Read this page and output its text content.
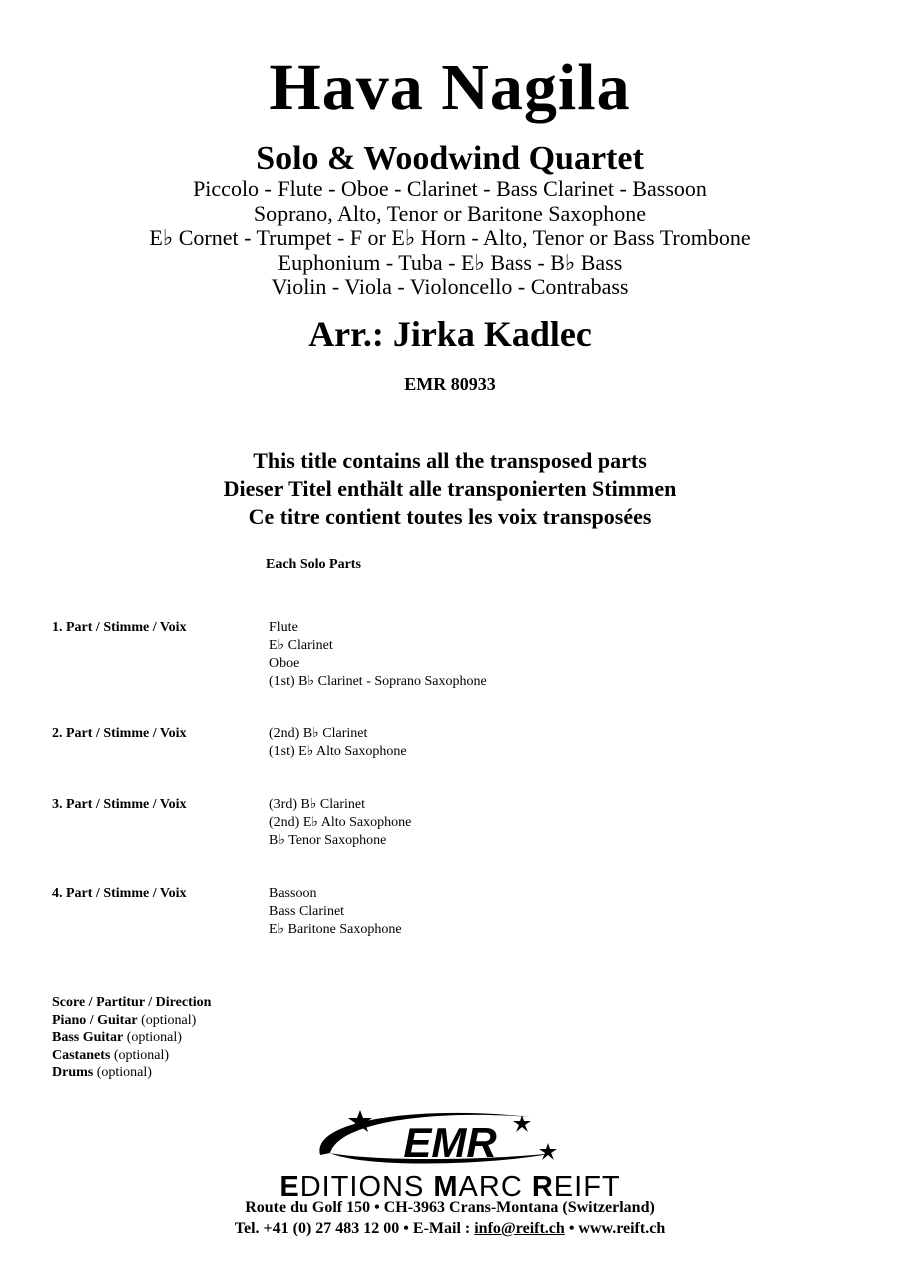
Hava Nagila
Solo & Woodwind Quartet
Piccolo - Flute - Oboe - Clarinet - Bass Clarinet - Bassoon
Soprano, Alto, Tenor or Baritone Saxophone
E♭ Cornet - Trumpet - F or E♭ Horn - Alto, Tenor or Bass Trombone
Euphonium - Tuba - E♭ Bass - B♭ Bass
Violin - Viola - Violoncello - Contrabass
Arr.: Jirka Kadlec
EMR 80933
This title contains all the transposed parts
Dieser Titel enthält alle transponierten Stimmen
Ce titre contient toutes les voix transposées
Each Solo Parts
1. Part / Stimme / Voix	Flute
E♭ Clarinet
Oboe
(1st) B♭ Clarinet - Soprano Saxophone
2. Part / Stimme / Voix	(2nd) B♭ Clarinet
(1st) E♭ Alto Saxophone
3. Part / Stimme / Voix	(3rd) B♭ Clarinet
(2nd) E♭ Alto Saxophone
B♭ Tenor Saxophone
4. Part / Stimme / Voix	Bassoon
Bass Clarinet
E♭ Baritone Saxophone
Score / Partitur / Direction
Piano / Guitar (optional)
Bass Guitar (optional)
Castanets (optional)
Drums (optional)
EMR
EDITIONS MARC REIFT
Route du Golf 150 • CH-3963 Crans-Montana (Switzerland)
Tel. +41 (0) 27 483 12 00 • E-Mail : info@reift.ch • www.reift.ch
